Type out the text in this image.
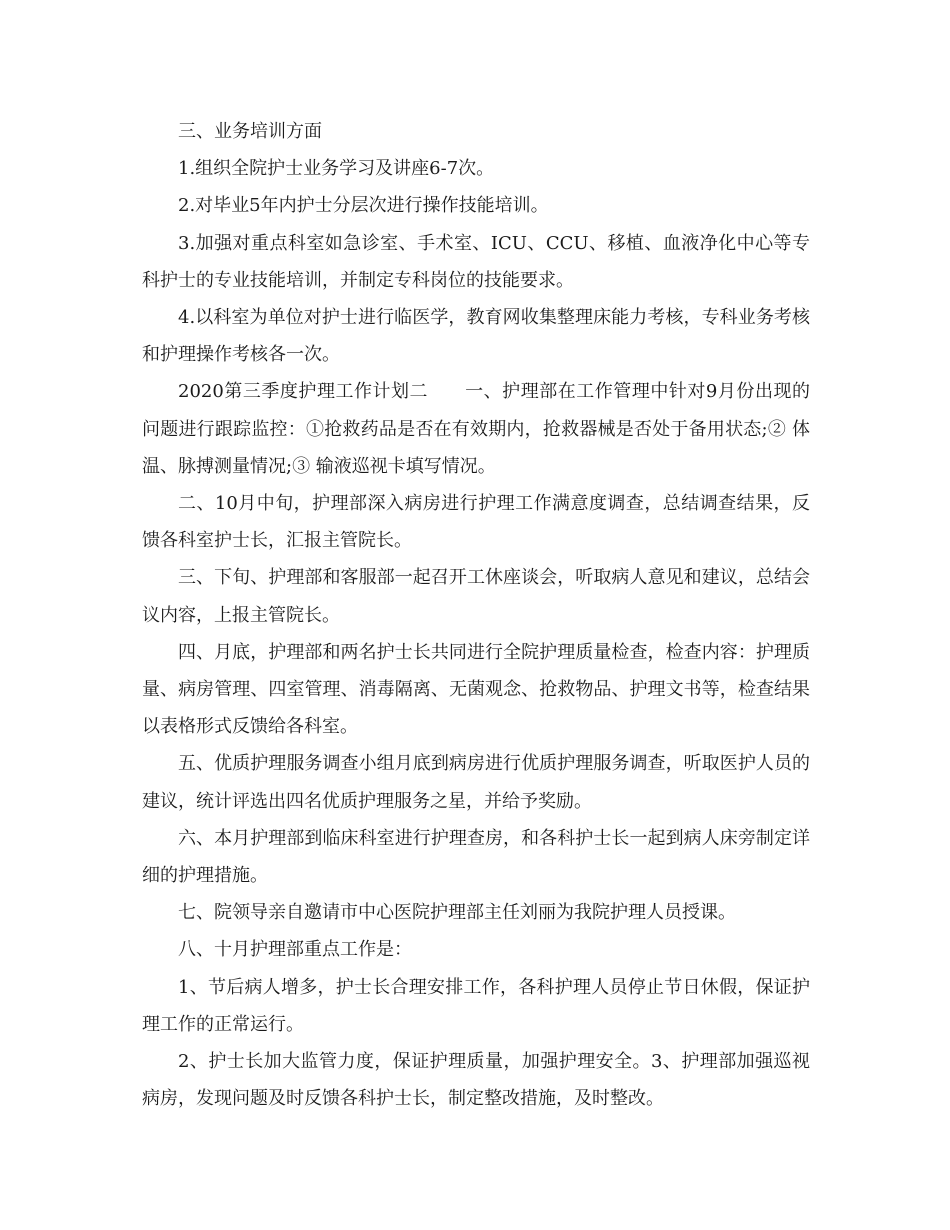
三、业务培训方面

1.组织全院护士业务学习及讲座6-7次。

2.对毕业5年内护士分层次进行操作技能培训。

3.加强对重点科室如急诊室、手术室、ICU、CCU、移植、血液净化中心等专科护士的专业技能培训，并制定专科岗位的技能要求。

4.以科室为单位对护士进行临医学，教育网收集整理床能力考核，专科业务考核和护理操作考核各一次。

2020第三季度护理工作计划二　　一、护理部在工作管理中针对9月份出现的问题进行跟踪监控：①抢救药品是否在有效期内，抢救器械是否处于备用状态;② 体温、脉搏测量情况;③ 输液巡视卡填写情况。

二、10月中旬，护理部深入病房进行护理工作满意度调查，总结调查结果，反馈各科室护士长，汇报主管院长。

三、下旬、护理部和客服部一起召开工休座谈会，听取病人意见和建议，总结会议内容，上报主管院长。

四、月底，护理部和两名护士长共同进行全院护理质量检查，检查内容：护理质量、病房管理、四室管理、消毒隔离、无菌观念、抢救物品、护理文书等，检查结果以表格形式反馈给各科室。

五、优质护理服务调查小组月底到病房进行优质护理服务调查，听取医护人员的建议，统计评选出四名优质护理服务之星，并给予奖励。

六、本月护理部到临床科室进行护理查房，和各科护士长一起到病人床旁制定详细的护理措施。

七、院领导亲自邀请市中心医院护理部主任刘丽为我院护理人员授课。

八、十月护理部重点工作是：

1、节后病人增多，护士长合理安排工作，各科护理人员停止节日休假，保证护理工作的正常运行。

2、护士长加大监管力度，保证护理质量，加强护理安全。3、护理部加强巡视病房，发现问题及时反馈各科护士长，制定整改措施，及时整改。
